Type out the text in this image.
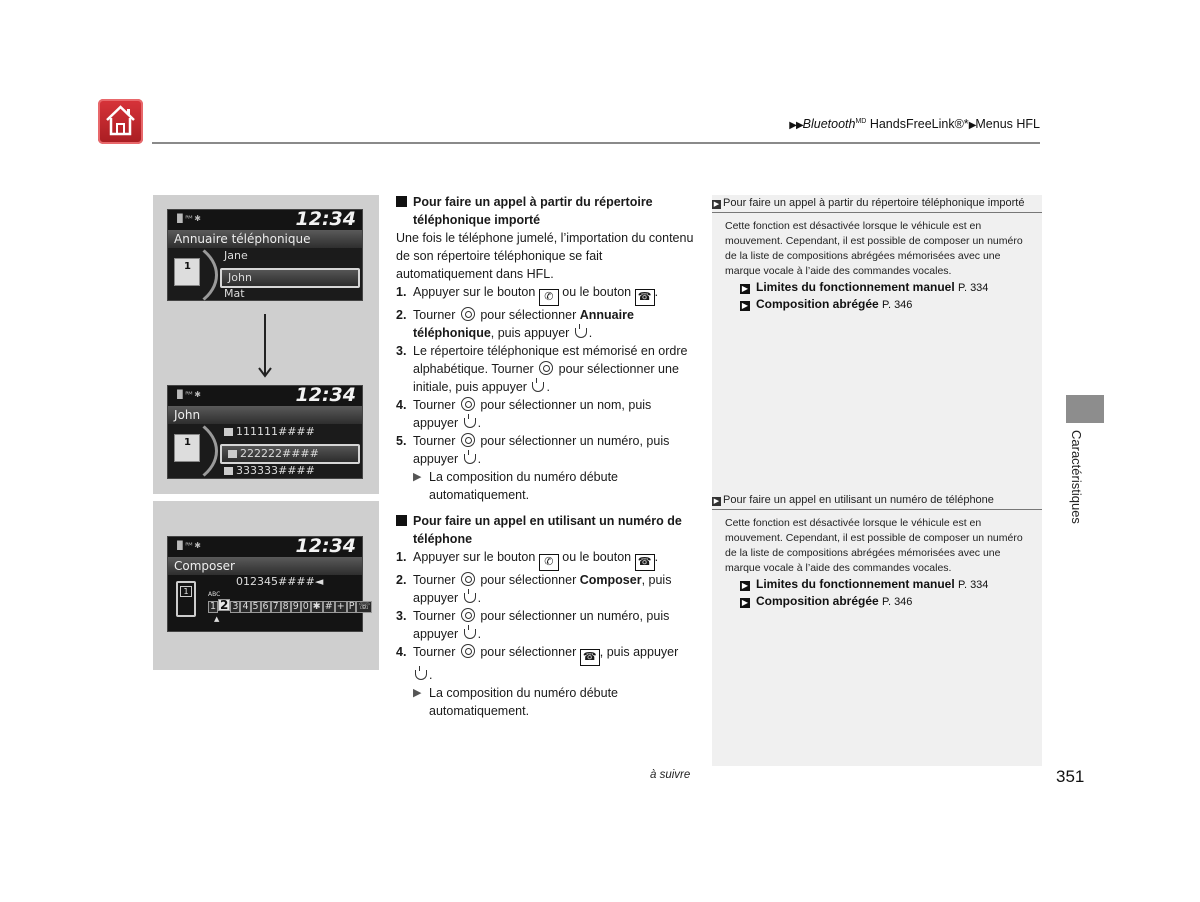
▶▶Bluetooth$^{MD}$ HandsFreeLink®*▶Menus HFL
▐▌ᴿᴹ ✱	12:34
Annuaire téléphonique
1
Jane
John
Mat
▐▌ᴿᴹ ✱	12:34
John
1
111111####
222222####
333333####
▐▌ᴿᴹ ✱	12:34
Composer
012345####◄
1	ABC
1 2 3 4 5 6 7 8 9 0 ✱ # + P ☏
▲
Pour faire un appel à partir du répertoire téléphonique importé

Une fois le téléphone jumelé, l’importation du contenu de son répertoire téléphonique se fait automatiquement dans HFL.

1. Appuyer sur le bouton ✆ ou le bouton ☎ .
2. Tourner pour sélectionner Annuaire téléphonique, puis appuyer .
3. Le répertoire téléphonique est mémorisé en ordre alphabétique. Tourner pour sélectionner une initiale, puis appuyer .
4. Tourner pour sélectionner un nom, puis appuyer .
5. Tourner pour sélectionner un numéro, puis appuyer .
▶ La composition du numéro débute automatiquement.
Pour faire un appel en utilisant un numéro de téléphone
1. Appuyer sur le bouton ✆ ou le bouton ☎ .
2. Tourner pour sélectionner Composer, puis appuyer .
3. Tourner pour sélectionner un numéro, puis appuyer .
4. Tourner pour sélectionner ☎ , puis appuyer .
▶ La composition du numéro débute automatiquement.
▶ Pour faire un appel à partir du répertoire téléphonique importé
Cette fonction est désactivée lorsque le véhicule est en mouvement. Cependant, il est possible de composer un numéro de la liste de compositions abrégées mémorisées avec une marque vocale à l’aide des commandes vocales.
▶ Limites du fonctionnement manuel P. 334
▶ Composition abrégée P. 346
▶ Pour faire un appel en utilisant un numéro de téléphone
Cette fonction est désactivée lorsque le véhicule est en mouvement. Cependant, il est possible de composer un numéro de la liste de compositions abrégées mémorisées avec une marque vocale à l’aide des commandes vocales.
▶ Limites du fonctionnement manuel P. 334
▶ Composition abrégée P. 346
Caractéristiques
à suivre	351
